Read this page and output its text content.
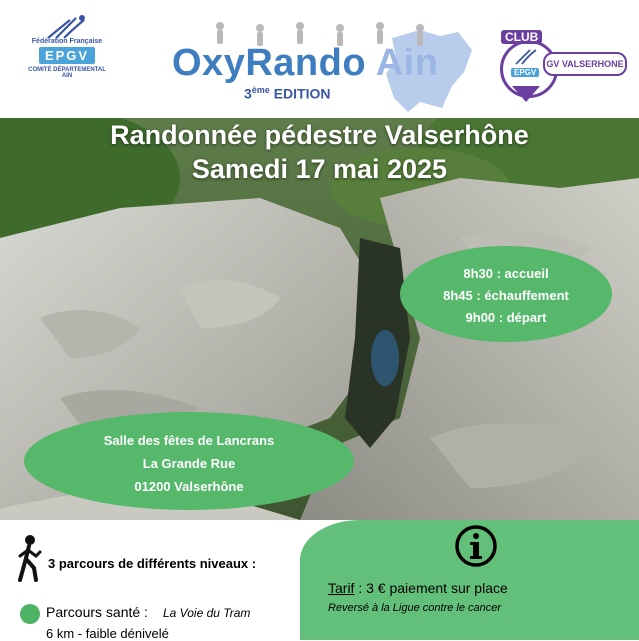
Fédération Française
EPGV
COMITÉ DÉPARTEMENTAL
AIN	OxyRando Ain
3ème EDITION
CLUB
EPGV
GV VALSERHONE
Randonnée pédestre Valserhône
Samedi 17 mai 2025
8h30 : accueil
8h45 : échauffement
9h00 : départ
Salle des fêtes de Lancrans
La Grande Rue
01200 Valserhône
3 parcours de différents niveaux :
Parcours santé : La Voie du Tram
6 km - faible dénivelé
Tarif : 3 € paiement sur place
Reversé à la Ligue contre le cancer
